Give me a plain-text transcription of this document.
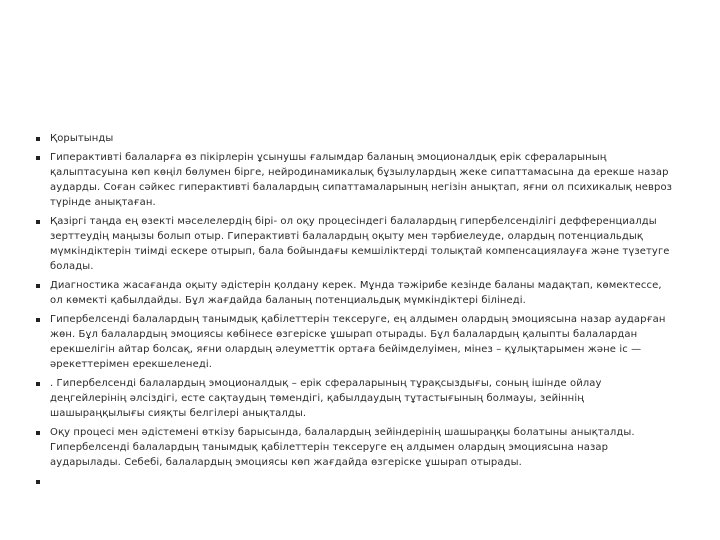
Қорытынды
Гиперактивті балаларға өз пікірлерін ұсынушы ғалымдар баланың эмоционалдық ерік сфераларының қалыптасуына көп көңіл бөлумен бірге, нейродинамикалық бұзылулардың жеке сипаттамасына да ерекше назар аударды. Соған сәйкес гиперактивті балалардың сипаттамаларының негізін анықтап, яғни ол психикалық невроз түрінде анықтаған.
Қазіргі таңда ең өзекті мәселелердің бірі- ол оқу процесіндегі балалардың гипербелсенділігі дефференциалды зерттеудің маңызы болып отыр. Гиперактивті балалардың оқыту мен тәрбиелеуде, олардың потенциальдық мүмкіндіктерін тиімді ескере отырып, бала бойындағы кемшіліктерді толықтай компенсациялауға және түзетуге болады.
Диагностика жасағанда оқыту әдістерін қолдану керек. Мұнда тәжірибе кезінде баланы мадақтап, көмектессе, ол көмекті қабылдайды. Бұл жағдайда баланың потенциальдық мүмкіндіктері білінеді.
Гипербелсенді балалардың танымдық қабілеттерін тексеруге, ең алдымен олардың эмоциясына назар аударған жөн. Бұл балалардың эмоциясы көбінесе өзгеріске ұшырап отырады. Бұл балалардың қалыпты балалардан ерекшелігін айтар болсақ, яғни олардың әлеуметтік ортаға бейімделуімен, мінез – құлықтарымен және іс — әрекеттерімен ерекшеленеді.
. Гипербелсенді балалардың эмоционалдық – ерік сфераларының тұрақсыздығы, соның ішінде ойлау деңгейлерінің әлсіздігі, есте сақтаудың төмендігі, қабылдаудың тұтастығының болмауы, зейіннің шашыраңқылығы сияқты белгілері анықталды.
Оқу процесі мен әдістемені өткізу барысында, балалардың зейіндерінің шашыраңқы болатыны анықталды. Гипербелсенді балалардың танымдық қабілеттерін тексеруге ең алдымен олардың эмоциясына назар аударылады. Себебі, балалардың эмоциясы көп жағдайда өзгеріске ұшырап отырады.
